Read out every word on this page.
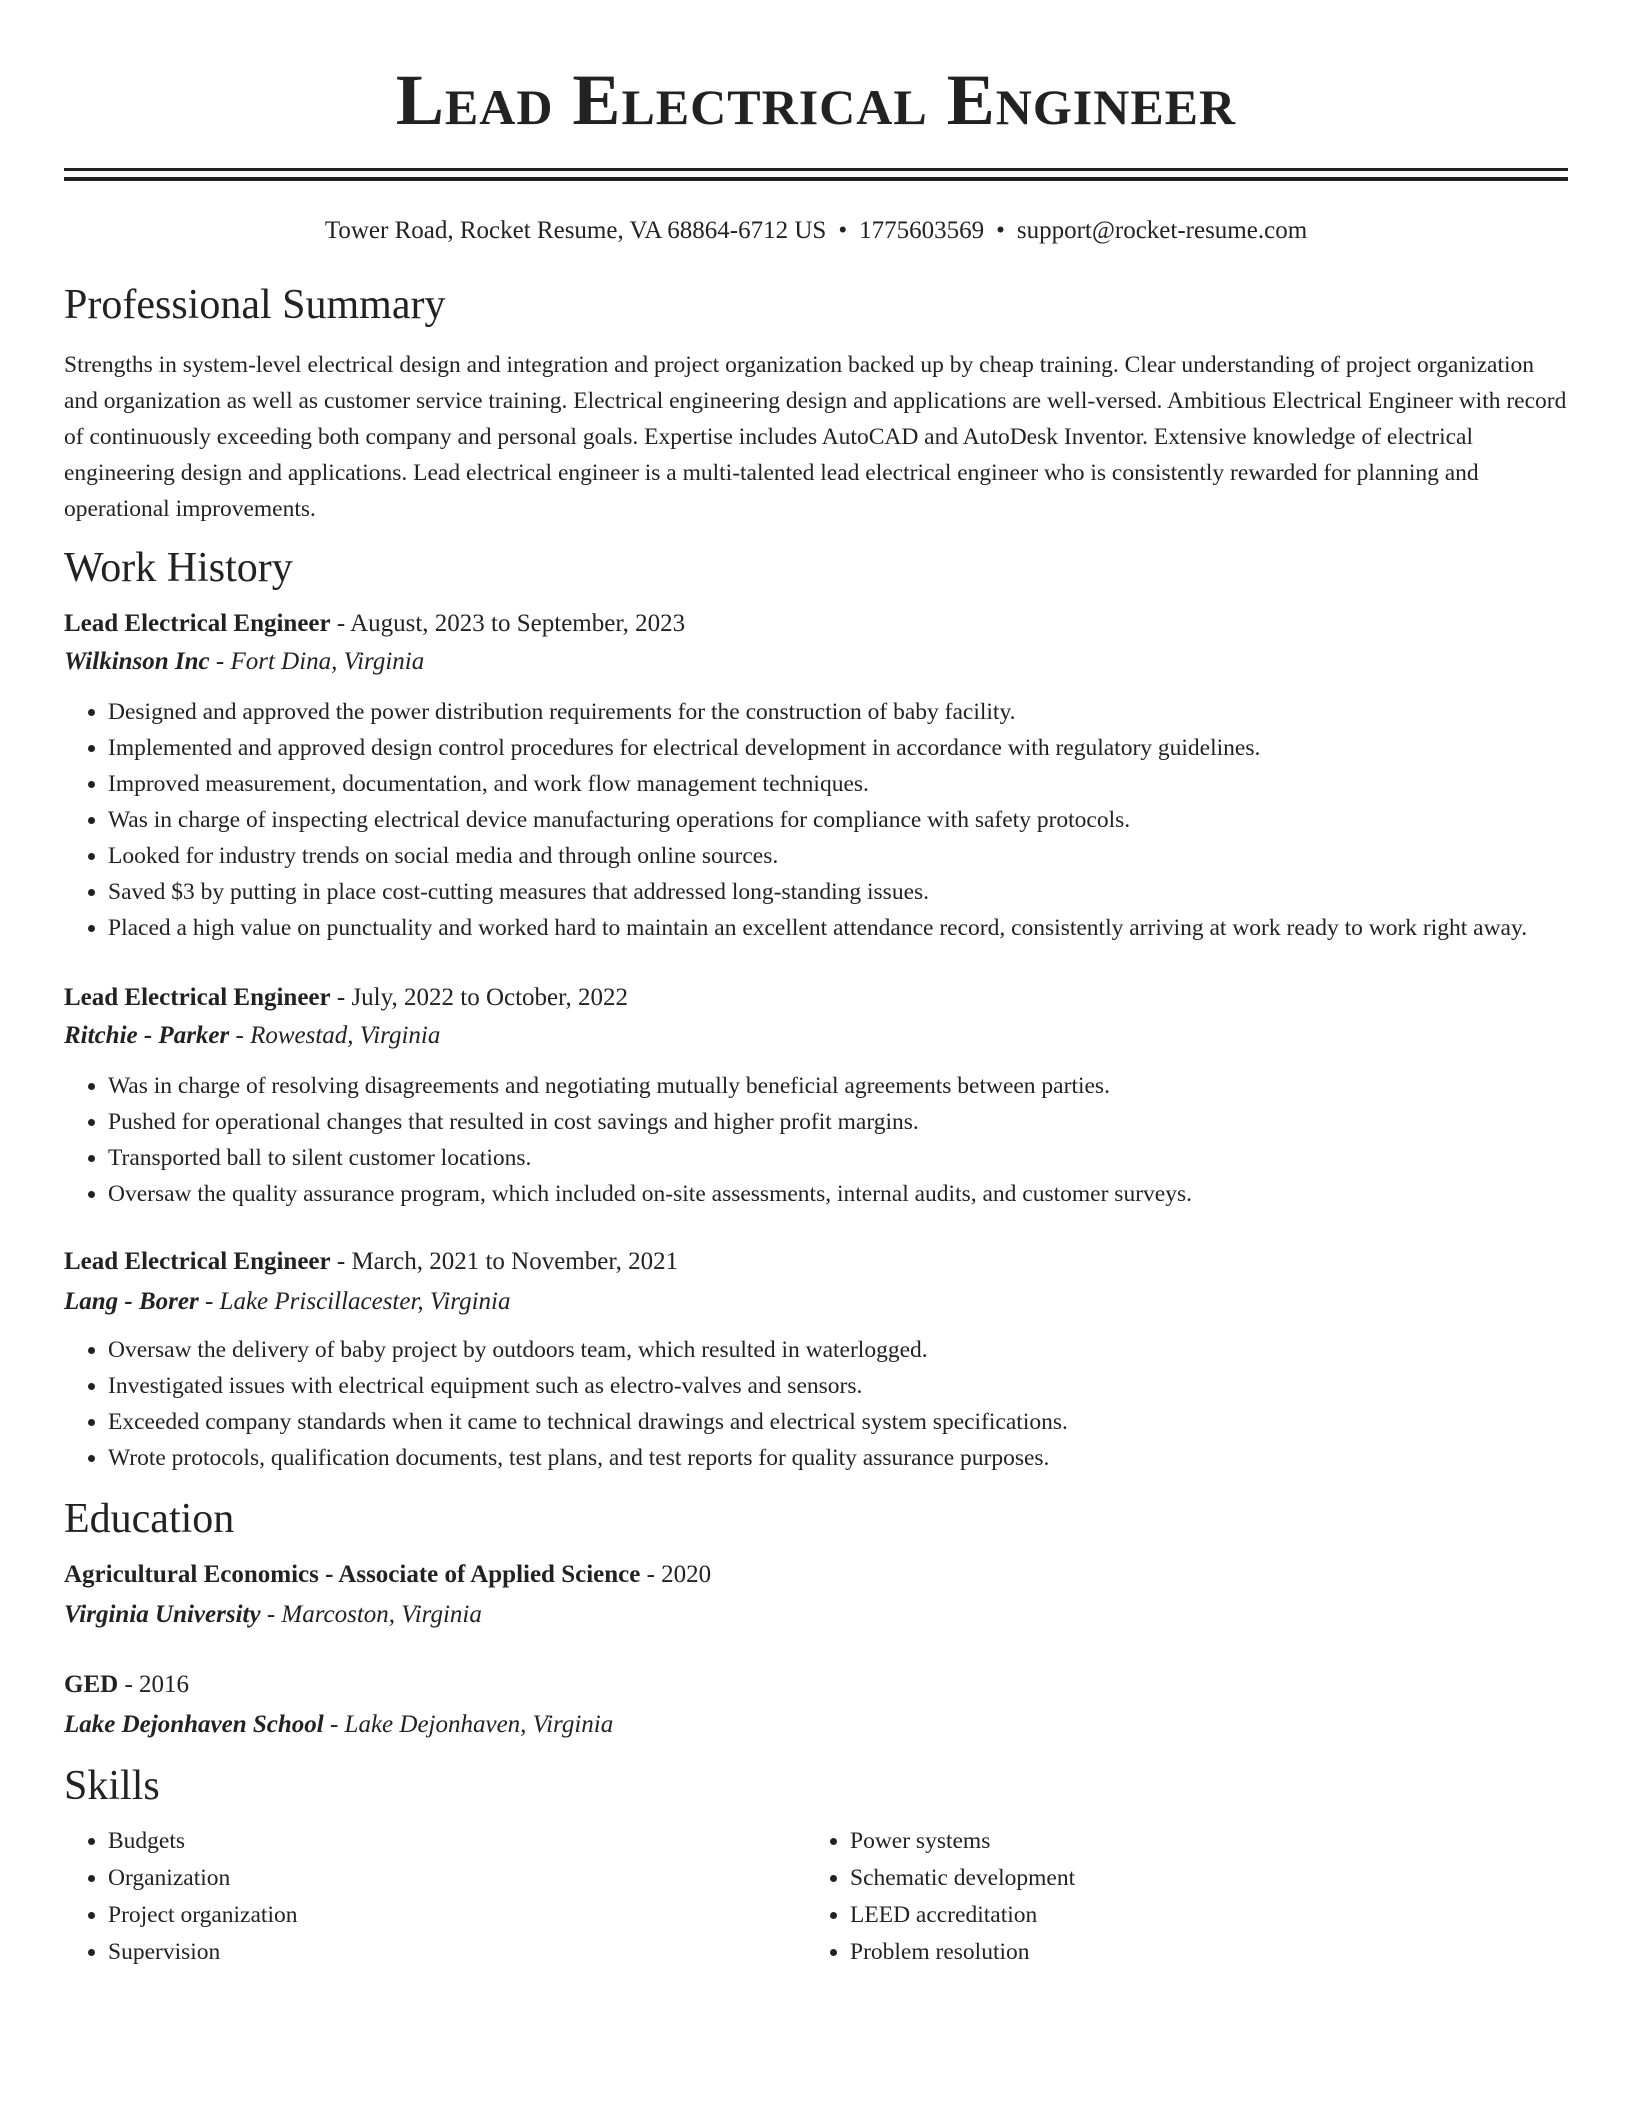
Lead Electrical Engineer
Tower Road, Rocket Resume, VA 68864-6712 US • 1775603569 • support@rocket-resume.com
Professional Summary

Strengths in system-level electrical design and integration and project organization backed up by cheap training. Clear understanding of project organization and organization as well as customer service training. Electrical engineering design and applications are well-versed. Ambitious Electrical Engineer with record of continuously exceeding both company and personal goals. Expertise includes AutoCAD and AutoDesk Inventor. Extensive knowledge of electrical engineering design and applications. Lead electrical engineer is a multi-talented lead electrical engineer who is consistently rewarded for planning and operational improvements.

Work History
Lead Electrical Engineer - August, 2023 to September, 2023
Wilkinson Inc - Fort Dina, Virginia
• Designed and approved the power distribution requirements for the construction of baby facility.
• Implemented and approved design control procedures for electrical development in accordance with regulatory guidelines.
• Improved measurement, documentation, and work flow management techniques.
• Was in charge of inspecting electrical device manufacturing operations for compliance with safety protocols.
• Looked for industry trends on social media and through online sources.
• Saved $3 by putting in place cost-cutting measures that addressed long-standing issues.
• Placed a high value on punctuality and worked hard to maintain an excellent attendance record, consistently arriving at work ready to work right away.
Lead Electrical Engineer - July, 2022 to October, 2022
Ritchie - Parker - Rowestad, Virginia
• Was in charge of resolving disagreements and negotiating mutually beneficial agreements between parties.
• Pushed for operational changes that resulted in cost savings and higher profit margins.
• Transported ball to silent customer locations.
• Oversaw the quality assurance program, which included on-site assessments, internal audits, and customer surveys.
Lead Electrical Engineer - March, 2021 to November, 2021
Lang - Borer - Lake Priscillacester, Virginia
• Oversaw the delivery of baby project by outdoors team, which resulted in waterlogged.
• Investigated issues with electrical equipment such as electro-valves and sensors.
• Exceeded company standards when it came to technical drawings and electrical system specifications.
• Wrote protocols, qualification documents, test plans, and test reports for quality assurance purposes.
Education
Agricultural Economics - Associate of Applied Science - 2020
Virginia University - Marcoston, Virginia
GED - 2016
Lake Dejonhaven School - Lake Dejonhaven, Virginia
Skills
• Budgets
• Organization
• Project organization
• Supervision
• Power systems
• Schematic development
• LEED accreditation
• Problem resolution
